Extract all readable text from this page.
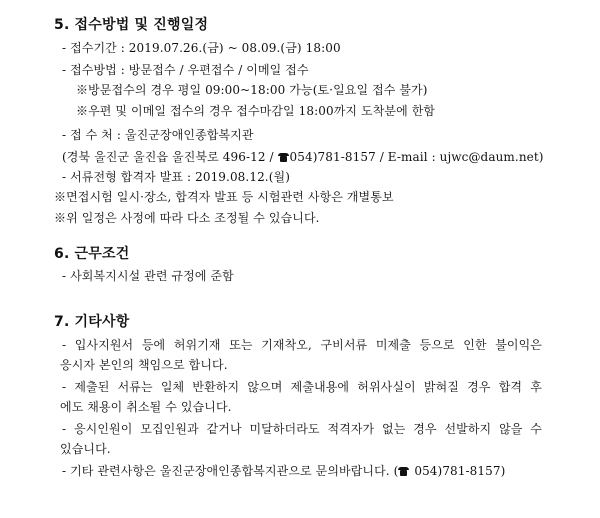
5. 접수방법 및 진행일정
- 접수기간 : 2019.07.26.(금) ~ 08.09.(금) 18:00
- 접수방법 : 방문접수 / 우편접수 / 이메일 접수
※방문접수의 경우 평일 09:00~18:00 가능(토·일요일 접수 불가)
※우편 및 이메일 접수의 경우 접수마감일 18:00까지 도착분에 한함
- 접 수 처 : 울진군장애인종합복지관
(경북 울진군 울진읍 울진북로 496-12 / 054)781-8157 / E-mail : ujwc@daum.net)
- 서류전형 합격자 발표 : 2019.08.12.(월)
※면접시험 일시·장소, 합격자 발표 등 시험관련 사항은 개별통보
※위 일정은 사정에 따라 다소 조정될 수 있습니다.
6. 근무조건
- 사회복지시설 관련 규정에 준함
7. 기타사항
- 입사지원서 등에 허위기재 또는 기재착오, 구비서류 미제출 등으로 인한 불이익은
응시자 본인의 책임으로 합니다.
- 제출된 서류는 일체 반환하지 않으며 제출내용에 허위사실이 밝혀질 경우 합격 후
에도 채용이 취소될 수 있습니다.
- 응시인원이 모집인원과 같거나 미달하더라도 적격자가 없는 경우 선발하지 않을 수
있습니다.
- 기타 관련사항은 울진군장애인종합복지관으로 문의바랍니다. ( 054)781-8157)
